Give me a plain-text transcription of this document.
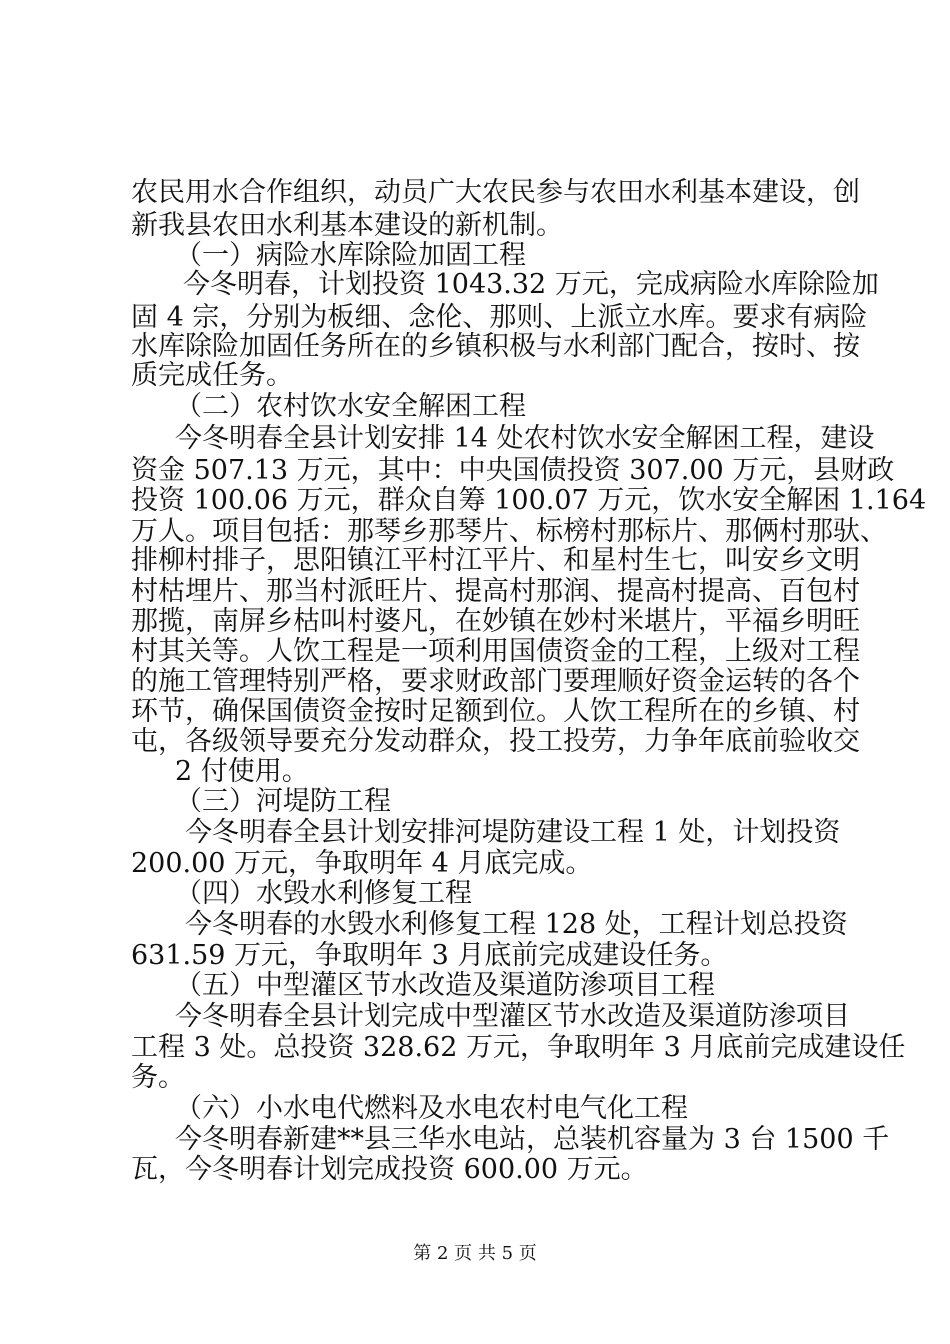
农民用水合作组织，动员广大农民参与农田水利基本建设，创
新我县农田水利基本建设的新机制。
（一）病险水库除险加固工程
今冬明春，计划投资 1043.32 万元，完成病险水库除险加
固 4 宗，分别为板细、念伦、那则、上派立水库。要求有病险
水库除险加固任务所在的乡镇积极与水利部门配合，按时、按
质完成任务。
（二）农村饮水安全解困工程
今冬明春全县计划安排 14 处农村饮水安全解困工程，建设
资金 507.13 万元，其中：中央国债投资 307.00 万元，县财政
投资 100.06 万元，群众自筹 100.07 万元，饮水安全解困 1.164
万人。项目包括：那琴乡那琴片、标榜村那标片、那俩村那驮、
排柳村排子，思阳镇江平村江平片、和星村生七，叫安乡文明
村枯埋片、那当村派旺片、提高村那润、提高村提高、百包村
那揽，南屏乡枯叫村婆凡，在妙镇在妙村米堪片，平福乡明旺
村其关等。人饮工程是一项利用国债资金的工程，上级对工程
的施工管理特别严格，要求财政部门要理顺好资金运转的各个
环节，确保国债资金按时足额到位。人饮工程所在的乡镇、村
屯，各级领导要充分发动群众，投工投劳，力争年底前验收交
2 付使用。
（三）河堤防工程
今冬明春全县计划安排河堤防建设工程 1 处，计划投资
200.00 万元，争取明年 4 月底完成。
（四）水毁水利修复工程
今冬明春的水毁水利修复工程 128 处，工程计划总投资
631.59 万元，争取明年 3 月底前完成建设任务。
（五）中型灌区节水改造及渠道防渗项目工程
今冬明春全县计划完成中型灌区节水改造及渠道防渗项目
工程 3 处。总投资 328.62 万元，争取明年 3 月底前完成建设任
务。
（六）小水电代燃料及水电农村电气化工程
今冬明春新建**县三华水电站，总装机容量为 3 台 1500 千
瓦，今冬明春计划完成投资 600.00 万元。
第 2 页 共 5 页
